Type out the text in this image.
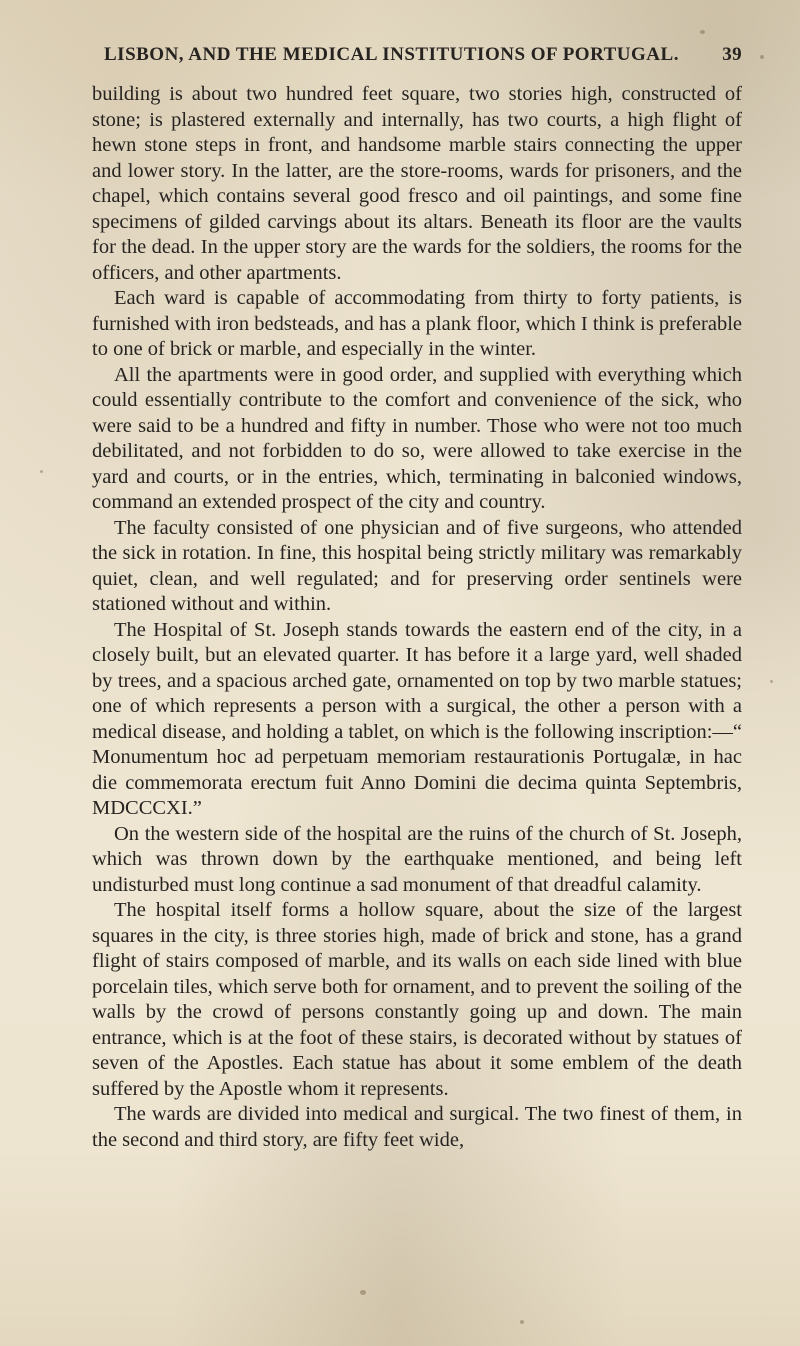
LISBON, AND THE MEDICAL INSTITUTIONS OF PORTUGAL. 39

building is about two hundred feet square, two stories high, constructed of stone; is plastered externally and internally, has two courts, a high flight of hewn stone steps in front, and handsome marble stairs connecting the upper and lower story. In the latter, are the store-rooms, wards for prisoners, and the chapel, which contains several good fresco and oil paintings, and some fine specimens of gilded carvings about its altars. Beneath its floor are the vaults for the dead. In the upper story are the wards for the soldiers, the rooms for the officers, and other apartments.

Each ward is capable of accommodating from thirty to forty patients, is furnished with iron bedsteads, and has a plank floor, which I think is preferable to one of brick or marble, and especially in the winter.

All the apartments were in good order, and supplied with everything which could essentially contribute to the comfort and convenience of the sick, who were said to be a hundred and fifty in number. Those who were not too much debilitated, and not forbidden to do so, were allowed to take exercise in the yard and courts, or in the entries, which, terminating in balconied windows, command an extended prospect of the city and country.

The faculty consisted of one physician and of five surgeons, who attended the sick in rotation. In fine, this hospital being strictly military was remarkably quiet, clean, and well regulated; and for preserving order sentinels were stationed without and within.

The Hospital of St. Joseph stands towards the eastern end of the city, in a closely built, but an elevated quarter. It has before it a large yard, well shaded by trees, and a spacious arched gate, ornamented on top by two marble statues; one of which represents a person with a surgical, the other a person with a medical disease, and holding a tablet, on which is the following inscription:—“ Monumentum hoc ad perpetuam memoriam restaurationis Portugalæ, in hac die commemorata erectum fuit Anno Domini die decima quinta Septembris, MDCCCXI.”

On the western side of the hospital are the ruins of the church of St. Joseph, which was thrown down by the earthquake mentioned, and being left undisturbed must long continue a sad monument of that dreadful calamity.

The hospital itself forms a hollow square, about the size of the largest squares in the city, is three stories high, made of brick and stone, has a grand flight of stairs composed of marble, and its walls on each side lined with blue porcelain tiles, which serve both for ornament, and to prevent the soiling of the walls by the crowd of persons constantly going up and down. The main entrance, which is at the foot of these stairs, is decorated without by statues of seven of the Apostles. Each statue has about it some emblem of the death suffered by the Apostle whom it represents.

The wards are divided into medical and surgical. The two finest of them, in the second and third story, are fifty feet wide,
